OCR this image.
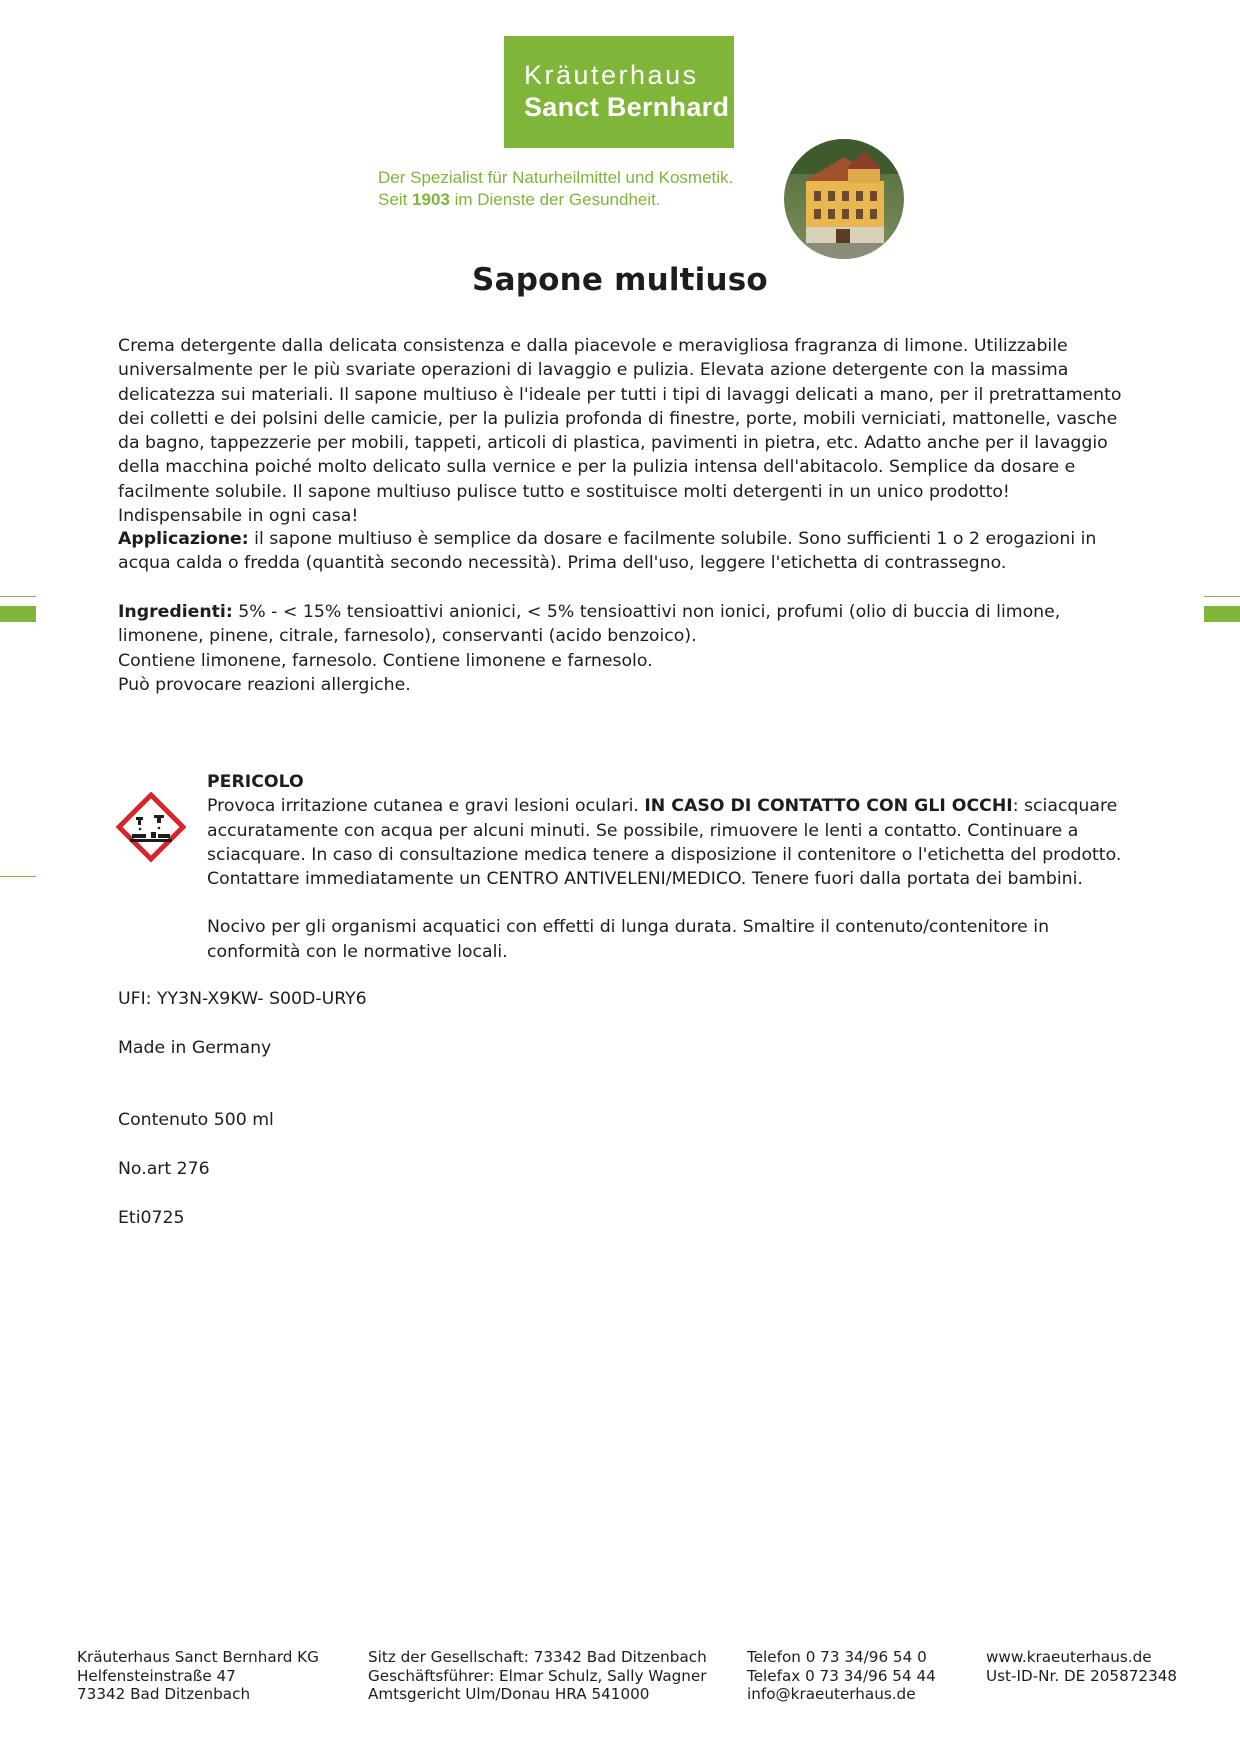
Kräuterhaus
Sanct Bernhard
Der Spezialist für Naturheilmittel und Kosmetik.
Seit 1903 im Dienste der Gesundheit.
Sapone multiuso

Crema detergente dalla delicata consistenza e dalla piacevole e meravigliosa fragranza di limone. Utilizzabile universalmente per le più svariate operazioni di lavaggio e pulizia. Elevata azione detergente con la massima delicatezza sui materiali. Il sapone multiuso è l'ideale per tutti i tipi di lavaggi delicati a mano, per il pretrattamento dei colletti e dei polsini delle camicie, per la pulizia profonda di finestre, porte, mobili verniciati, mattonelle, vasche da bagno, tappezzerie per mobili, tappeti, articoli di plastica, pavimenti in pietra, etc. Adatto anche per il lavaggio della macchina poiché molto delicato sulla vernice e per la pulizia intensa dell'abitacolo. Semplice da dosare e facilmente solubile. Il sapone multiuso pulisce tutto e sostituisce molti detergenti in un unico prodotto! Indispensabile in ogni casa!

Applicazione: il sapone multiuso è semplice da dosare e facilmente solubile. Sono sufficienti 1 o 2 erogazioni in acqua calda o fredda (quantità secondo necessità). Prima dell'uso, leggere l'etichetta di contrassegno.

Ingredienti: 5% - < 15% tensioattivi anionici, < 5% tensioattivi non ionici, profumi (olio di buccia di limone, limonene, pinene, citrale, farnesolo), conservanti (acido benzoico).

Contiene limonene, farnesolo. Contiene limonene e farnesolo.

Può provocare reazioni allergiche.

PERICOLO

Provoca irritazione cutanea e gravi lesioni oculari. IN CASO DI CONTATTO CON GLI OCCHI: sciacquare accuratamente con acqua per alcuni minuti. Se possibile, rimuovere le lenti a contatto. Continuare a sciacquare. In caso di consultazione medica tenere a disposizione il contenitore o l'etichetta del prodotto. Contattare immediatamente un CENTRO ANTIVELENI/MEDICO. Tenere fuori dalla portata dei bambini.

Nocivo per gli organismi acquatici con effetti di lunga durata. Smaltire il contenuto/contenitore in conformità con le normative locali.

UFI: YY3N-X9KW- S00D-URY6
Made in Germany
Contenuto 500 ml
No.art 276
Eti0725
Kräuterhaus Sanct Bernhard KG
Helfensteinstraße 47
73342 Bad Ditzenbach
Sitz der Gesellschaft: 73342 Bad Ditzenbach
Geschäftsführer: Elmar Schulz, Sally Wagner
Amtsgericht Ulm/Donau HRA 541000
Telefon 0 73 34/96 54 0
Telefax 0 73 34/96 54 44
info@kraeuterhaus.de
www.kraeuterhaus.de
Ust-ID-Nr. DE 205872348
